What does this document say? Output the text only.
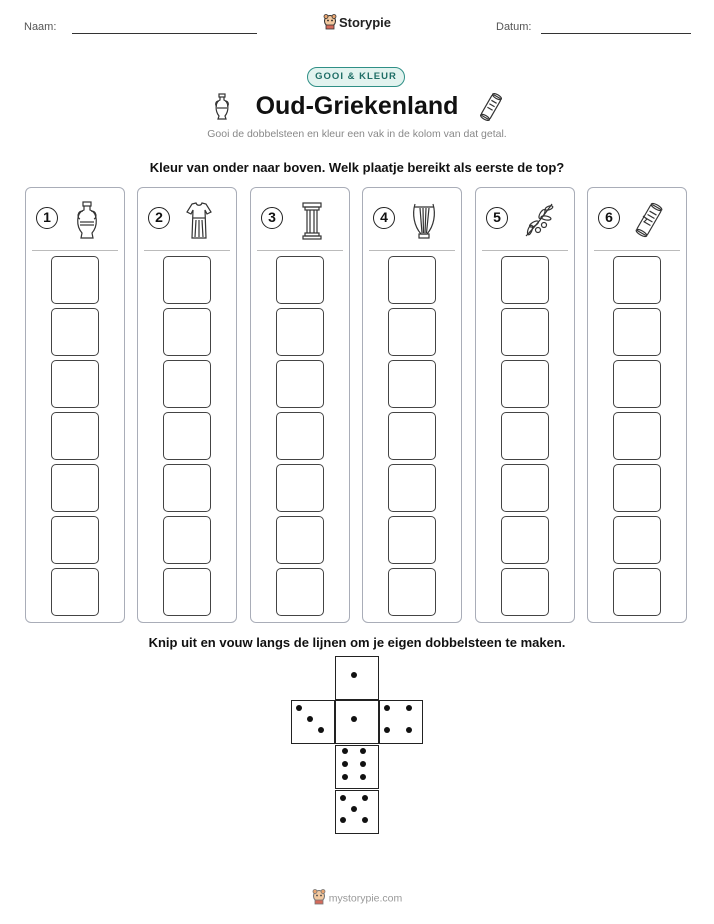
Naam:	Storypie	Datum:
GOOI & KLEUR
Oud-Griekenland
Gooi de dobbelsteen en kleur een vak in de kolom van dat getal.
Kleur van onder naar boven. Welk plaatje bereikt als eerste de top?
1	2	3	4	5	6
Knip uit en vouw langs de lijnen om je eigen dobbelsteen te maken.
mystorypie.com
